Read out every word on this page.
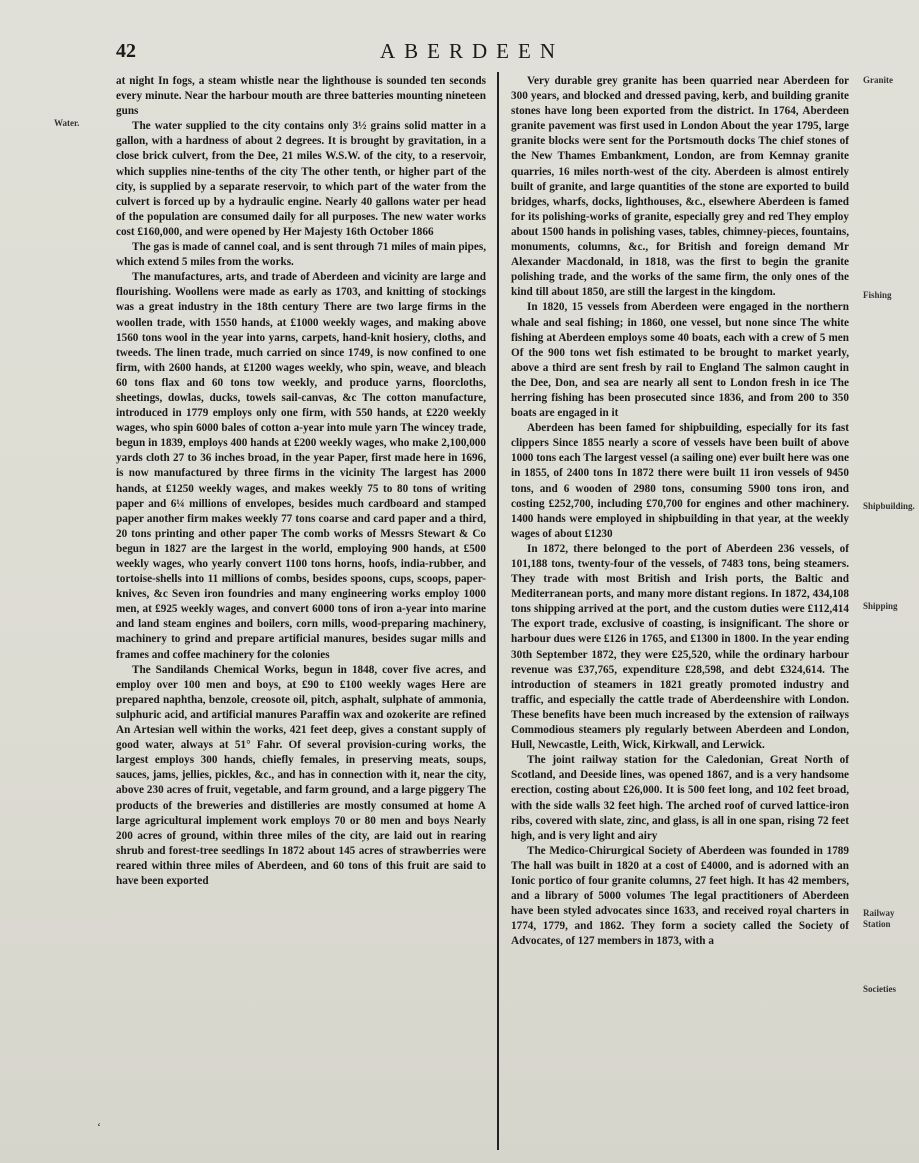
42	ABERDEEN
Water.
Granite
Fishing
Shipbuilding.
Shipping
Railway Station
Societies

at night In fogs, a steam whistle near the lighthouse is sounded ten seconds every minute. Near the harbour mouth are three batteries mounting nineteen guns

The water supplied to the city contains only 3½ grains solid matter in a gallon, with a hardness of about 2 degrees. It is brought by gravitation, in a close brick culvert, from the Dee, 21 miles W.S.W. of the city, to a reservoir, which supplies nine-tenths of the city The other tenth, or higher part of the city, is supplied by a separate reservoir, to which part of the water from the culvert is forced up by a hydraulic engine. Nearly 40 gallons water per head of the population are consumed daily for all purposes. The new water works cost £160,000, and were opened by Her Majesty 16th October 1866

The gas is made of cannel coal, and is sent through 71 miles of main pipes, which extend 5 miles from the works.

The manufactures, arts, and trade of Aberdeen and vicinity are large and flourishing. Woollens were made as early as 1703, and knitting of stockings was a great industry in the 18th century There are two large firms in the woollen trade, with 1550 hands, at £1000 weekly wages, and making above 1560 tons wool in the year into yarns, carpets, hand-knit hosiery, cloths, and tweeds. The linen trade, much carried on since 1749, is now confined to one firm, with 2600 hands, at £1200 wages weekly, who spin, weave, and bleach 60 tons flax and 60 tons tow weekly, and produce yarns, floorcloths, sheetings, dowlas, ducks, towels sail-canvas, &c The cotton manufacture, introduced in 1779 employs only one firm, with 550 hands, at £220 weekly wages, who spin 6000 bales of cotton a-year into mule yarn The wincey trade, begun in 1839, employs 400 hands at £200 weekly wages, who make 2,100,000 yards cloth 27 to 36 inches broad, in the year Paper, first made here in 1696, is now manufactured by three firms in the vicinity The largest has 2000 hands, at £1250 weekly wages, and makes weekly 75 to 80 tons of writing paper and 6¼ millions of envelopes, besides much cardboard and stamped paper another firm makes weekly 77 tons coarse and card paper and a third, 20 tons printing and other paper The comb works of Messrs Stewart & Co begun in 1827 are the largest in the world, employing 900 hands, at £500 weekly wages, who yearly convert 1100 tons horns, hoofs, india-rubber, and tortoise-shells into 11 millions of combs, besides spoons, cups, scoops, paper-knives, &c Seven iron foundries and many engineering works employ 1000 men, at £925 weekly wages, and convert 6000 tons of iron a-year into marine and land steam engines and boilers, corn mills, wood-preparing machinery, machinery to grind and prepare artificial manures, besides sugar mills and frames and coffee machinery for the colonies

The Sandilands Chemical Works, begun in 1848, cover five acres, and employ over 100 men and boys, at £90 to £100 weekly wages Here are prepared naphtha, benzole, creosote oil, pitch, asphalt, sulphate of ammonia, sulphuric acid, and artificial manures Paraffin wax and ozokerite are refined An Artesian well within the works, 421 feet deep, gives a constant supply of good water, always at 51° Fahr. Of several provision-curing works, the largest employs 300 hands, chiefly females, in preserving meats, soups, sauces, jams, jellies, pickles, &c., and has in connection with it, near the city, above 230 acres of fruit, vegetable, and farm ground, and a large piggery The products of the breweries and distilleries are mostly consumed at home A large agricultural implement work employs 70 or 80 men and boys Nearly 200 acres of ground, within three miles of the city, are laid out in rearing shrub and forest-tree seedlings In 1872 about 145 acres of strawberries were reared within three miles of Aberdeen, and 60 tons of this fruit are said to have been exported

Very durable grey granite has been quarried near Aberdeen for 300 years, and blocked and dressed paving, kerb, and building granite stones have long been exported from the district. In 1764, Aberdeen granite pavement was first used in London About the year 1795, large granite blocks were sent for the Portsmouth docks The chief stones of the New Thames Embankment, London, are from Kemnay granite quarries, 16 miles north-west of the city. Aberdeen is almost entirely built of granite, and large quantities of the stone are exported to build bridges, wharfs, docks, lighthouses, &c., elsewhere Aberdeen is famed for its polishing-works of granite, especially grey and red They employ about 1500 hands in polishing vases, tables, chimney-pieces, fountains, monuments, columns, &c., for British and foreign demand Mr Alexander Macdonald, in 1818, was the first to begin the granite polishing trade, and the works of the same firm, the only ones of the kind till about 1850, are still the largest in the kingdom.

In 1820, 15 vessels from Aberdeen were engaged in the northern whale and seal fishing; in 1860, one vessel, but none since The white fishing at Aberdeen employs some 40 boats, each with a crew of 5 men Of the 900 tons wet fish estimated to be brought to market yearly, above a third are sent fresh by rail to England The salmon caught in the Dee, Don, and sea are nearly all sent to London fresh in ice The herring fishing has been prosecuted since 1836, and from 200 to 350 boats are engaged in it

Aberdeen has been famed for shipbuilding, especially for its fast clippers Since 1855 nearly a score of vessels have been built of above 1000 tons each The largest vessel (a sailing one) ever built here was one in 1855, of 2400 tons In 1872 there were built 11 iron vessels of 9450 tons, and 6 wooden of 2980 tons, consuming 5900 tons iron, and costing £252,700, including £70,700 for engines and other machinery. 1400 hands were employed in shipbuilding in that year, at the weekly wages of about £1230

In 1872, there belonged to the port of Aberdeen 236 vessels, of 101,188 tons, twenty-four of the vessels, of 7483 tons, being steamers. They trade with most British and Irish ports, the Baltic and Mediterranean ports, and many more distant regions. In 1872, 434,108 tons shipping arrived at the port, and the custom duties were £112,414 The export trade, exclusive of coasting, is insignificant. The shore or harbour dues were £126 in 1765, and £1300 in 1800. In the year ending 30th September 1872, they were £25,520, while the ordinary harbour revenue was £37,765, expenditure £28,598, and debt £324,614. The introduction of steamers in 1821 greatly promoted industry and traffic, and especially the cattle trade of Aberdeenshire with London. These benefits have been much increased by the extension of railways Commodious steamers ply regularly between Aberdeen and London, Hull, Newcastle, Leith, Wick, Kirkwall, and Lerwick.

The joint railway station for the Caledonian, Great North of Scotland, and Deeside lines, was opened 1867, and is a very handsome erection, costing about £26,000. It is 500 feet long, and 102 feet broad, with the side walls 32 feet high. The arched roof of curved lattice-iron ribs, covered with slate, zinc, and glass, is all in one span, rising 72 feet high, and is very light and airy

The Medico-Chirurgical Society of Aberdeen was founded in 1789 The hall was built in 1820 at a cost of £4000, and is adorned with an Ionic portico of four granite columns, 27 feet high. It has 42 members, and a library of 5000 volumes The legal practitioners of Aberdeen have been styled advocates since 1633, and received royal charters in 1774, 1779, and 1862. They form a society called the Society of Advocates, of 127 members in 1873, with a

‘
